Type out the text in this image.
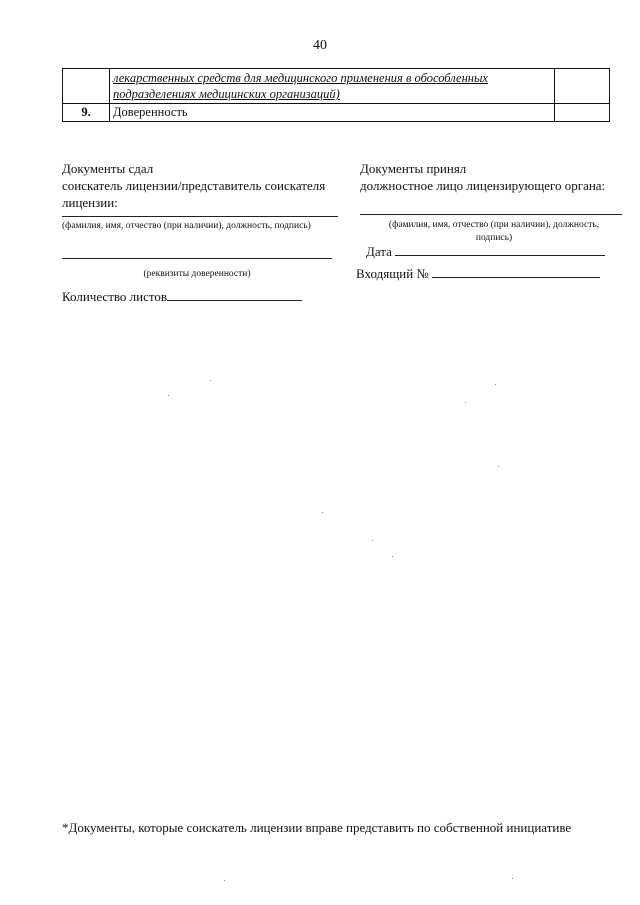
40
	лекарственных средств для медицинского применения в обособленных
подразделениях медицинских организаций)	
9.	Доверенность	
Документы сдал
соискатель лицензии/представитель соискателя
лицензии:
(фамилия, имя, отчество (при наличии), должность, подпись)
(реквизиты доверенности)
Количество листов
Документы принял
должностное лицо лицензирующего органа:
(фамилия, имя, отчество (при наличии), должность,
подпись)
Дата
Входящий №
*Документы, которые соискатель лицензии вправе представить по собственной инициативе
